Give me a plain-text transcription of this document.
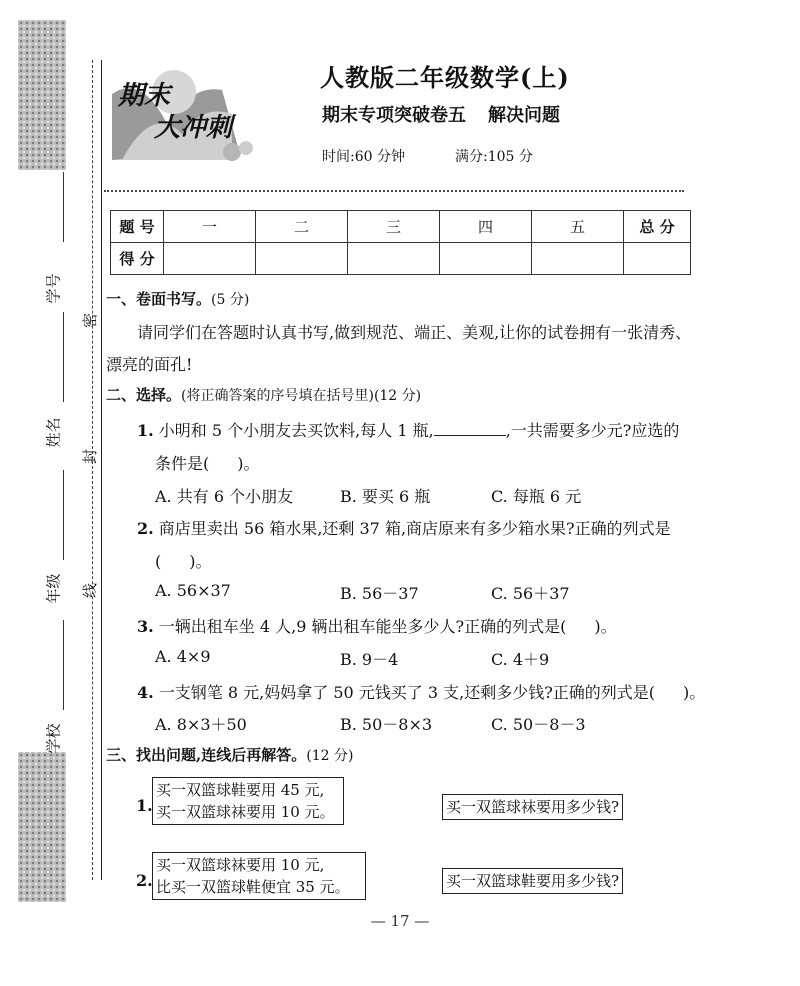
学号
姓名
年级
学校
密
封
线
期末
大冲刺
人教版二年级数学(上)
期末专项突破卷五 解决问题
时间:60 分钟	满分:105 分
题 号	一	二	三	四	五	总 分
得 分						
一、卷面书写。(5 分)
请同学们在答题时认真书写,做到规范、端正、美观,让你的试卷拥有一张清秀、
漂亮的面孔!
二、选择。(将正确答案的序号填在括号里)(12 分)
1. 小明和 5 个小朋友去买饮料,每人 1 瓶,	,一共需要多少元?应选的
条件是( )。
A. 共有 6 个小朋友	B. 要买 6 瓶	C. 每瓶 6 元
2. 商店里卖出 56 箱水果,还剩 37 箱,商店原来有多少箱水果?正确的列式是
( )。
A. 56×37	B. 56－37	C. 56＋37
3. 一辆出租车坐 4 人,9 辆出租车能坐多少人?正确的列式是( )。
A. 4×9	B. 9－4	C. 4＋9
4. 一支钢笔 8 元,妈妈拿了 50 元钱买了 3 支,还剩多少钱?正确的列式是( )。
A. 8×3＋50	B. 50－8×3	C. 50－8－3
三、找出问题,连线后再解答。(12 分)
1.
买一双篮球鞋要用 45 元,
买一双篮球袜要用 10 元。	买一双篮球袜要用多少钱?
2.
买一双篮球袜要用 10 元,
比买一双篮球鞋便宜 35 元。	买一双篮球鞋要用多少钱?
— 17 —
